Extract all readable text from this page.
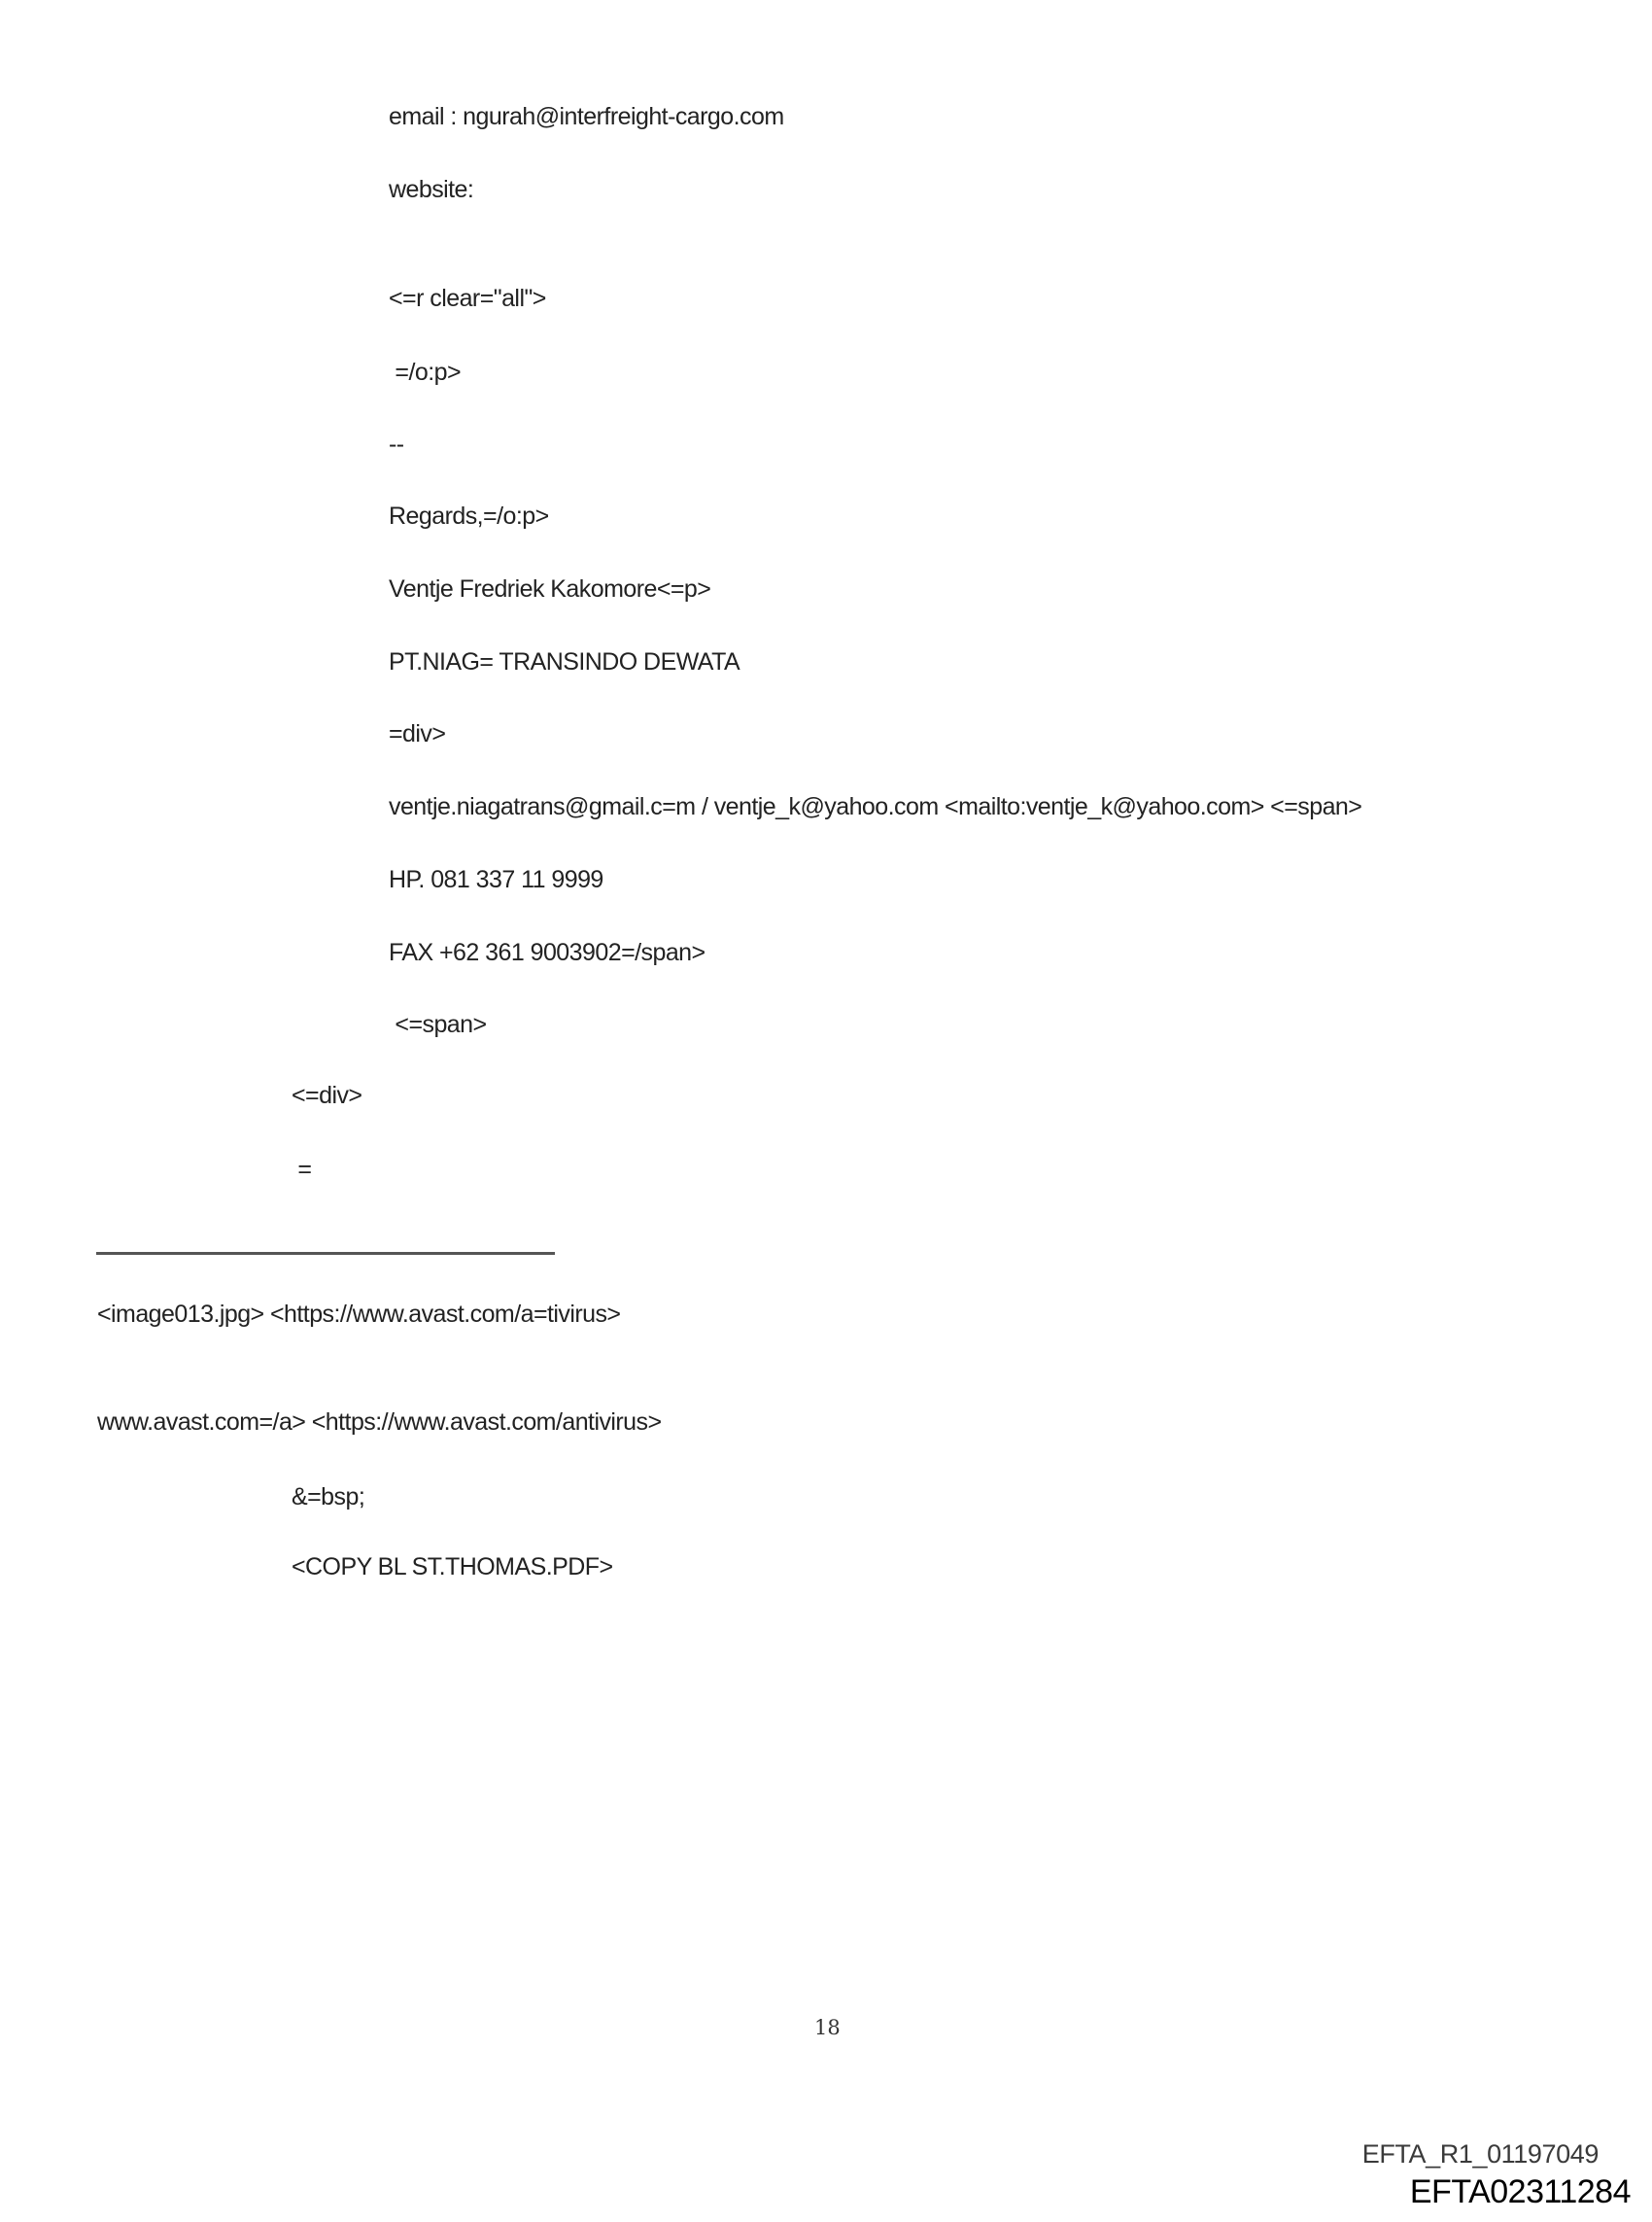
email : ngurah@interfreight-cargo.com
website:
<=r clear="all">
=/o:p>
--
Regards,=/o:p>
Ventje Fredriek Kakomore<=p>
PT.NIAG= TRANSINDO DEWATA
=div>
ventje.niagatrans@gmail.c=m / ventje_k@yahoo.com <mailto:ventje_k@yahoo.com> <=span>
HP. 081 337 11 9999
FAX +62 361 9003902=/span>
<=span>
<=div>
=
<image013.jpg> <https://www.avast.com/a=tivirus>
www.avast.com=/a> <https://www.avast.com/antivirus>
&=bsp;
<COPY BL ST.THOMAS.PDF>
18
EFTA_R1_01197049
EFTA02311284
